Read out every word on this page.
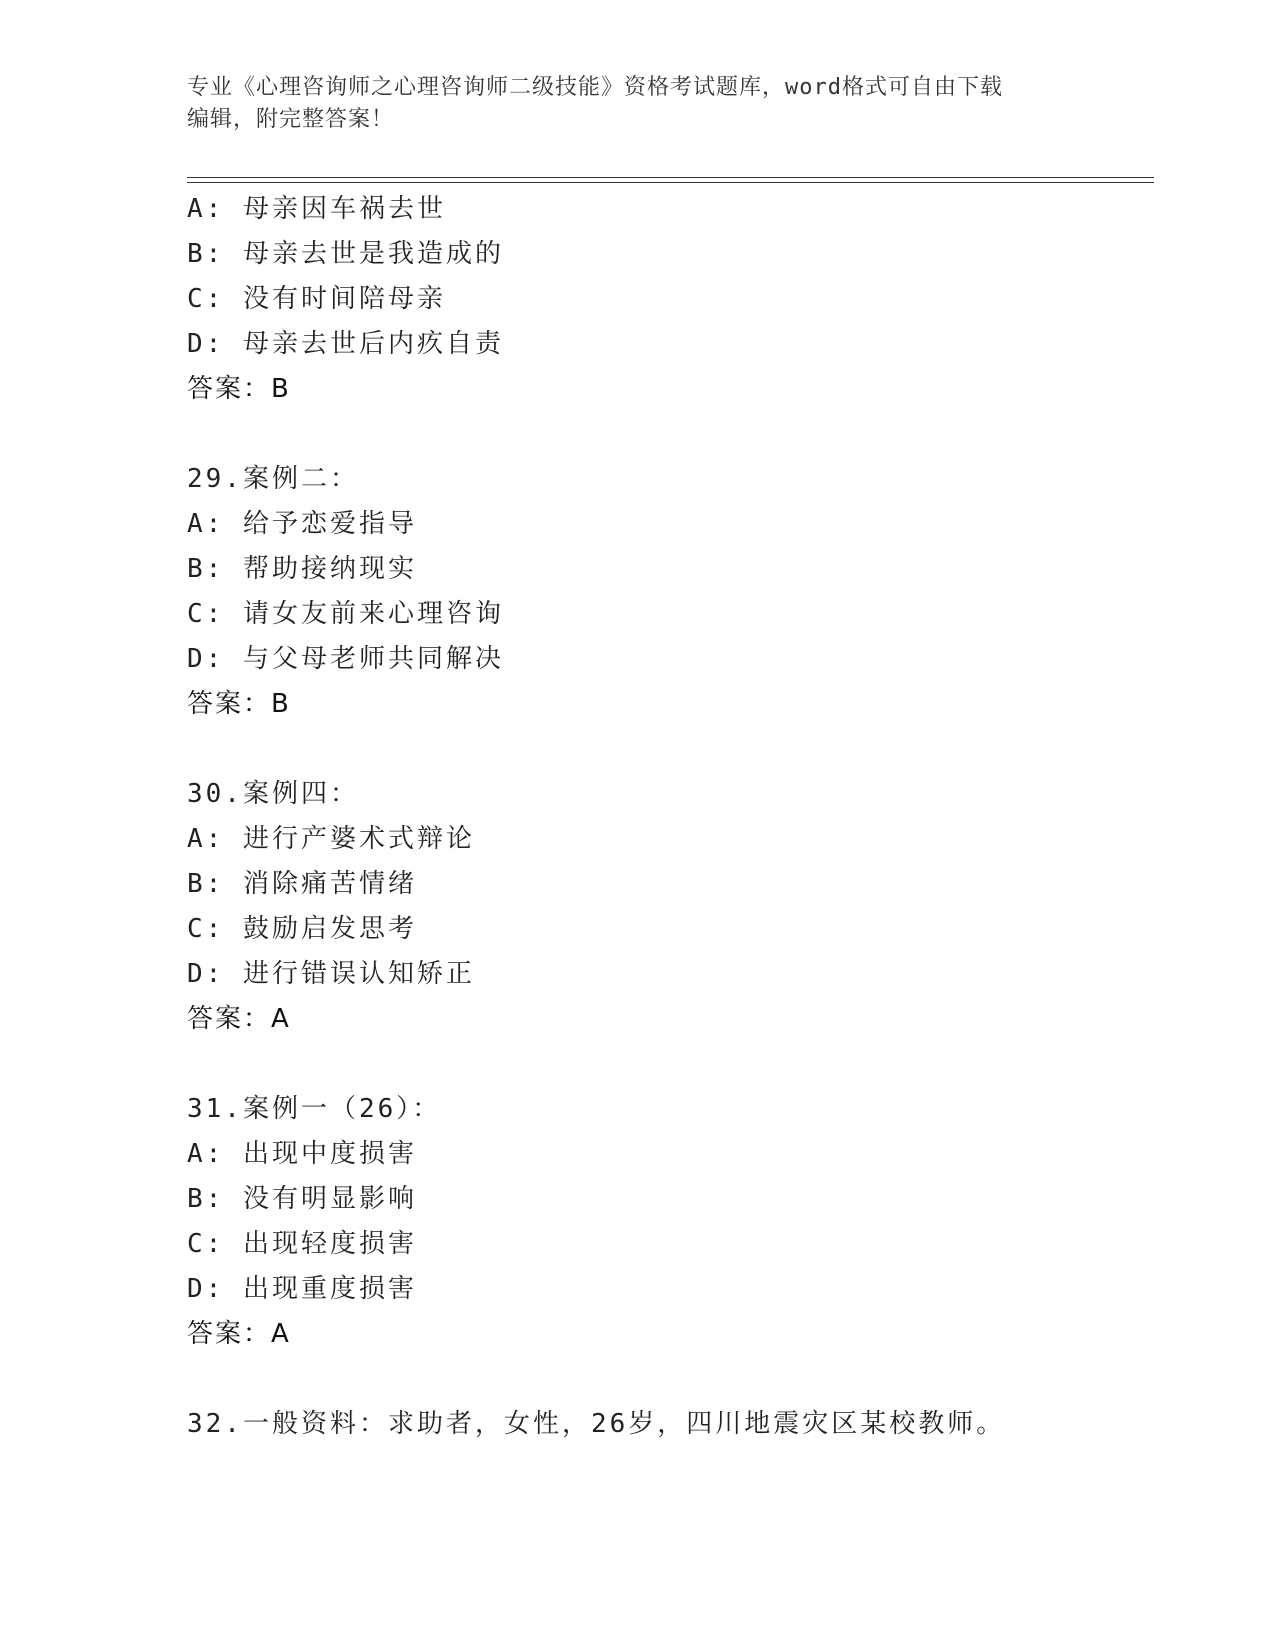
专业《心理咨询师之心理咨询师二级技能》资格考试题库，word格式可自由下载
编辑，附完整答案！
A: 母亲因车祸去世
B: 母亲去世是我造成的
C: 没有时间陪母亲
D: 母亲去世后内疚自责
答案：B
29.案例二：
A: 给予恋爱指导
B: 帮助接纳现实
C: 请女友前来心理咨询
D: 与父母老师共同解决
答案：B
30.案例四：
A: 进行产婆术式辩论
B: 消除痛苦情绪
C: 鼓励启发思考
D: 进行错误认知矫正
答案：A
31.案例一（26）：
A: 出现中度损害
B: 没有明显影响
C: 出现轻度损害
D: 出现重度损害
答案：A
32.一般资料：求助者，女性，26岁，四川地震灾区某校教师。
